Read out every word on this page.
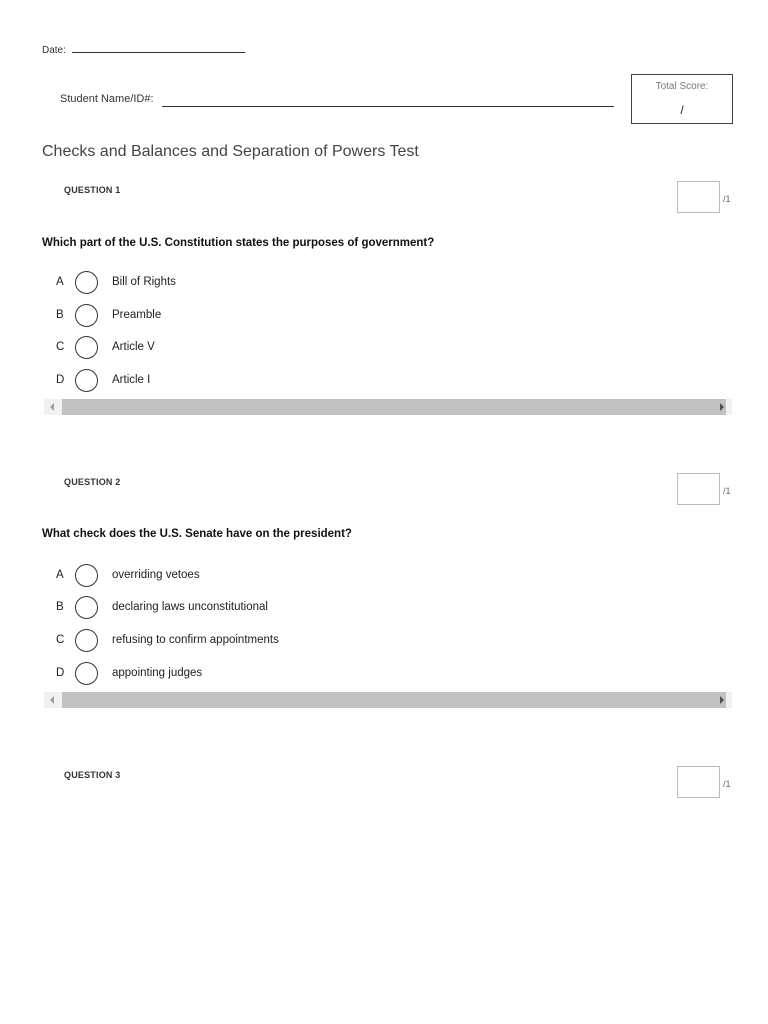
Date:
Student Name/ID#:
Total Score:
/
Checks and Balances and Separation of Powers Test
QUESTION 1
/1
Which part of the U.S. Constitution states the purposes of government?
A	Bill of Rights
B	Preamble
C	Article V
D	Article I
QUESTION 2
/1
What check does the U.S. Senate have on the president?
A	overriding vetoes
B	declaring laws unconstitutional
C	refusing to confirm appointments
D	appointing judges
QUESTION 3
/1
